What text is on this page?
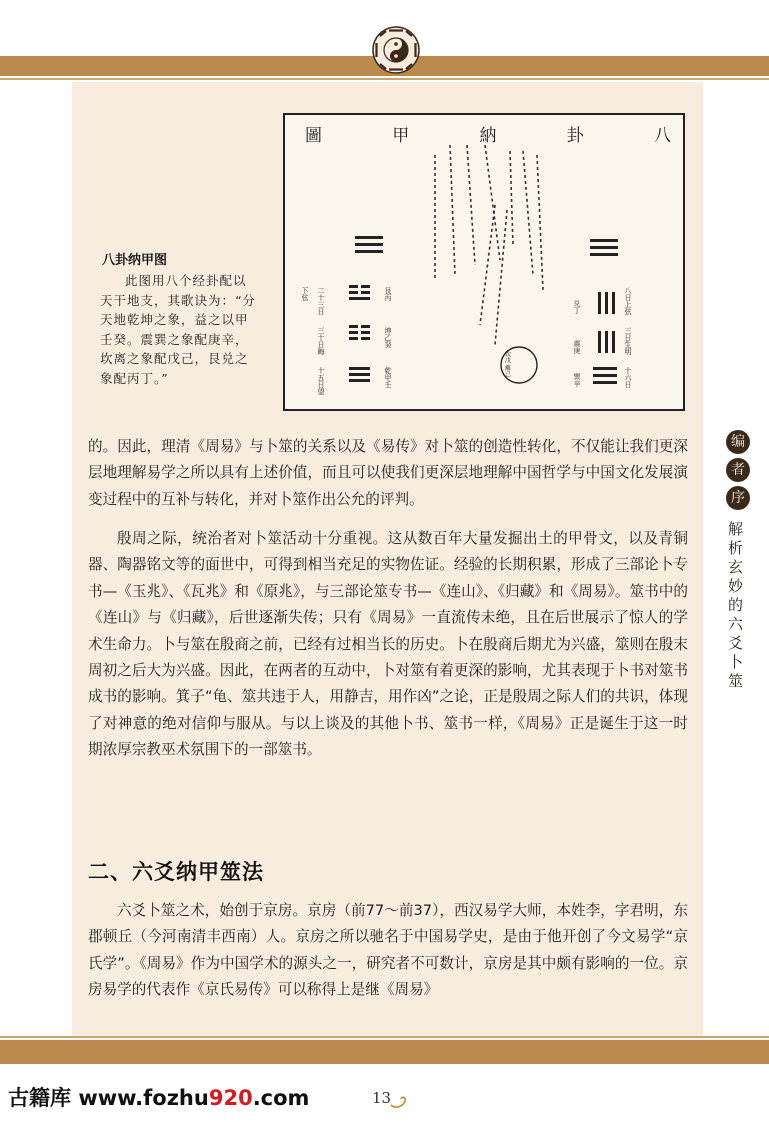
编
者
序
解析玄妙的六爻卜筮
圖	甲	納	卦	八
二十三日
三十日晦
十五日望
艮丙
坤乙癸
乾甲壬
下弦	八日上弦
三日生明
十六日
兑丁
震庚
巽辛
坎戊 離己
八卦纳甲图
此图用八个经卦配以天干地支，其歌诀为：“分天地乾坤之象，益之以甲壬癸。震巽之象配庚辛，坎离之象配戊己，艮兑之象配丙丁。”
的。因此，理清《周易》与卜筮的关系以及《易传》对卜筮的创造性转化，不仅能让我们更深层地理解易学之所以具有上述价值，而且可以使我们更深层地理解中国哲学与中国文化发展演变过程中的互补与转化，并对卜筮作出公允的评判。
殷周之际，统治者对卜筮活动十分重视。这从数百年大量发掘出土的甲骨文，以及青铜器、陶器铭文等的面世中，可得到相当充足的实物佐证。经验的长期积累，形成了三部论卜专书—《玉兆》、《瓦兆》和《原兆》，与三部论筮专书—《连山》、《归藏》和《周易》。筮书中的《连山》与《归藏》，后世逐渐失传；只有《周易》一直流传未绝，且在后世展示了惊人的学术生命力。卜与筮在殷商之前，已经有过相当长的历史。卜在殷商后期尤为兴盛，筮则在殷末周初之后大为兴盛。因此，在两者的互动中，卜对筮有着更深的影响，尤其表现于卜书对筮书成书的影响。箕子“龟、筮共违于人，用静吉，用作凶”之论，正是殷周之际人们的共识，体现了对神意的绝对信仰与服从。与以上谈及的其他卜书、筮书一样，《周易》正是诞生于这一时期浓厚宗教巫术氛围下的一部筮书。
二、六爻纳甲筮法
六爻卜筮之术，始创于京房。京房（前77～前37），西汉易学大师，本姓李，字君明，东郡顿丘（今河南清丰西南）人。京房之所以驰名于中国易学史，是由于他开创了今文易学“京氏学”。《周易》作为中国学术的源头之一，研究者不可数计，京房是其中颇有影响的一位。京房易学的代表作《京氏易传》可以称得上是继《周易》
古籍库 www.fozhu920.com	13
